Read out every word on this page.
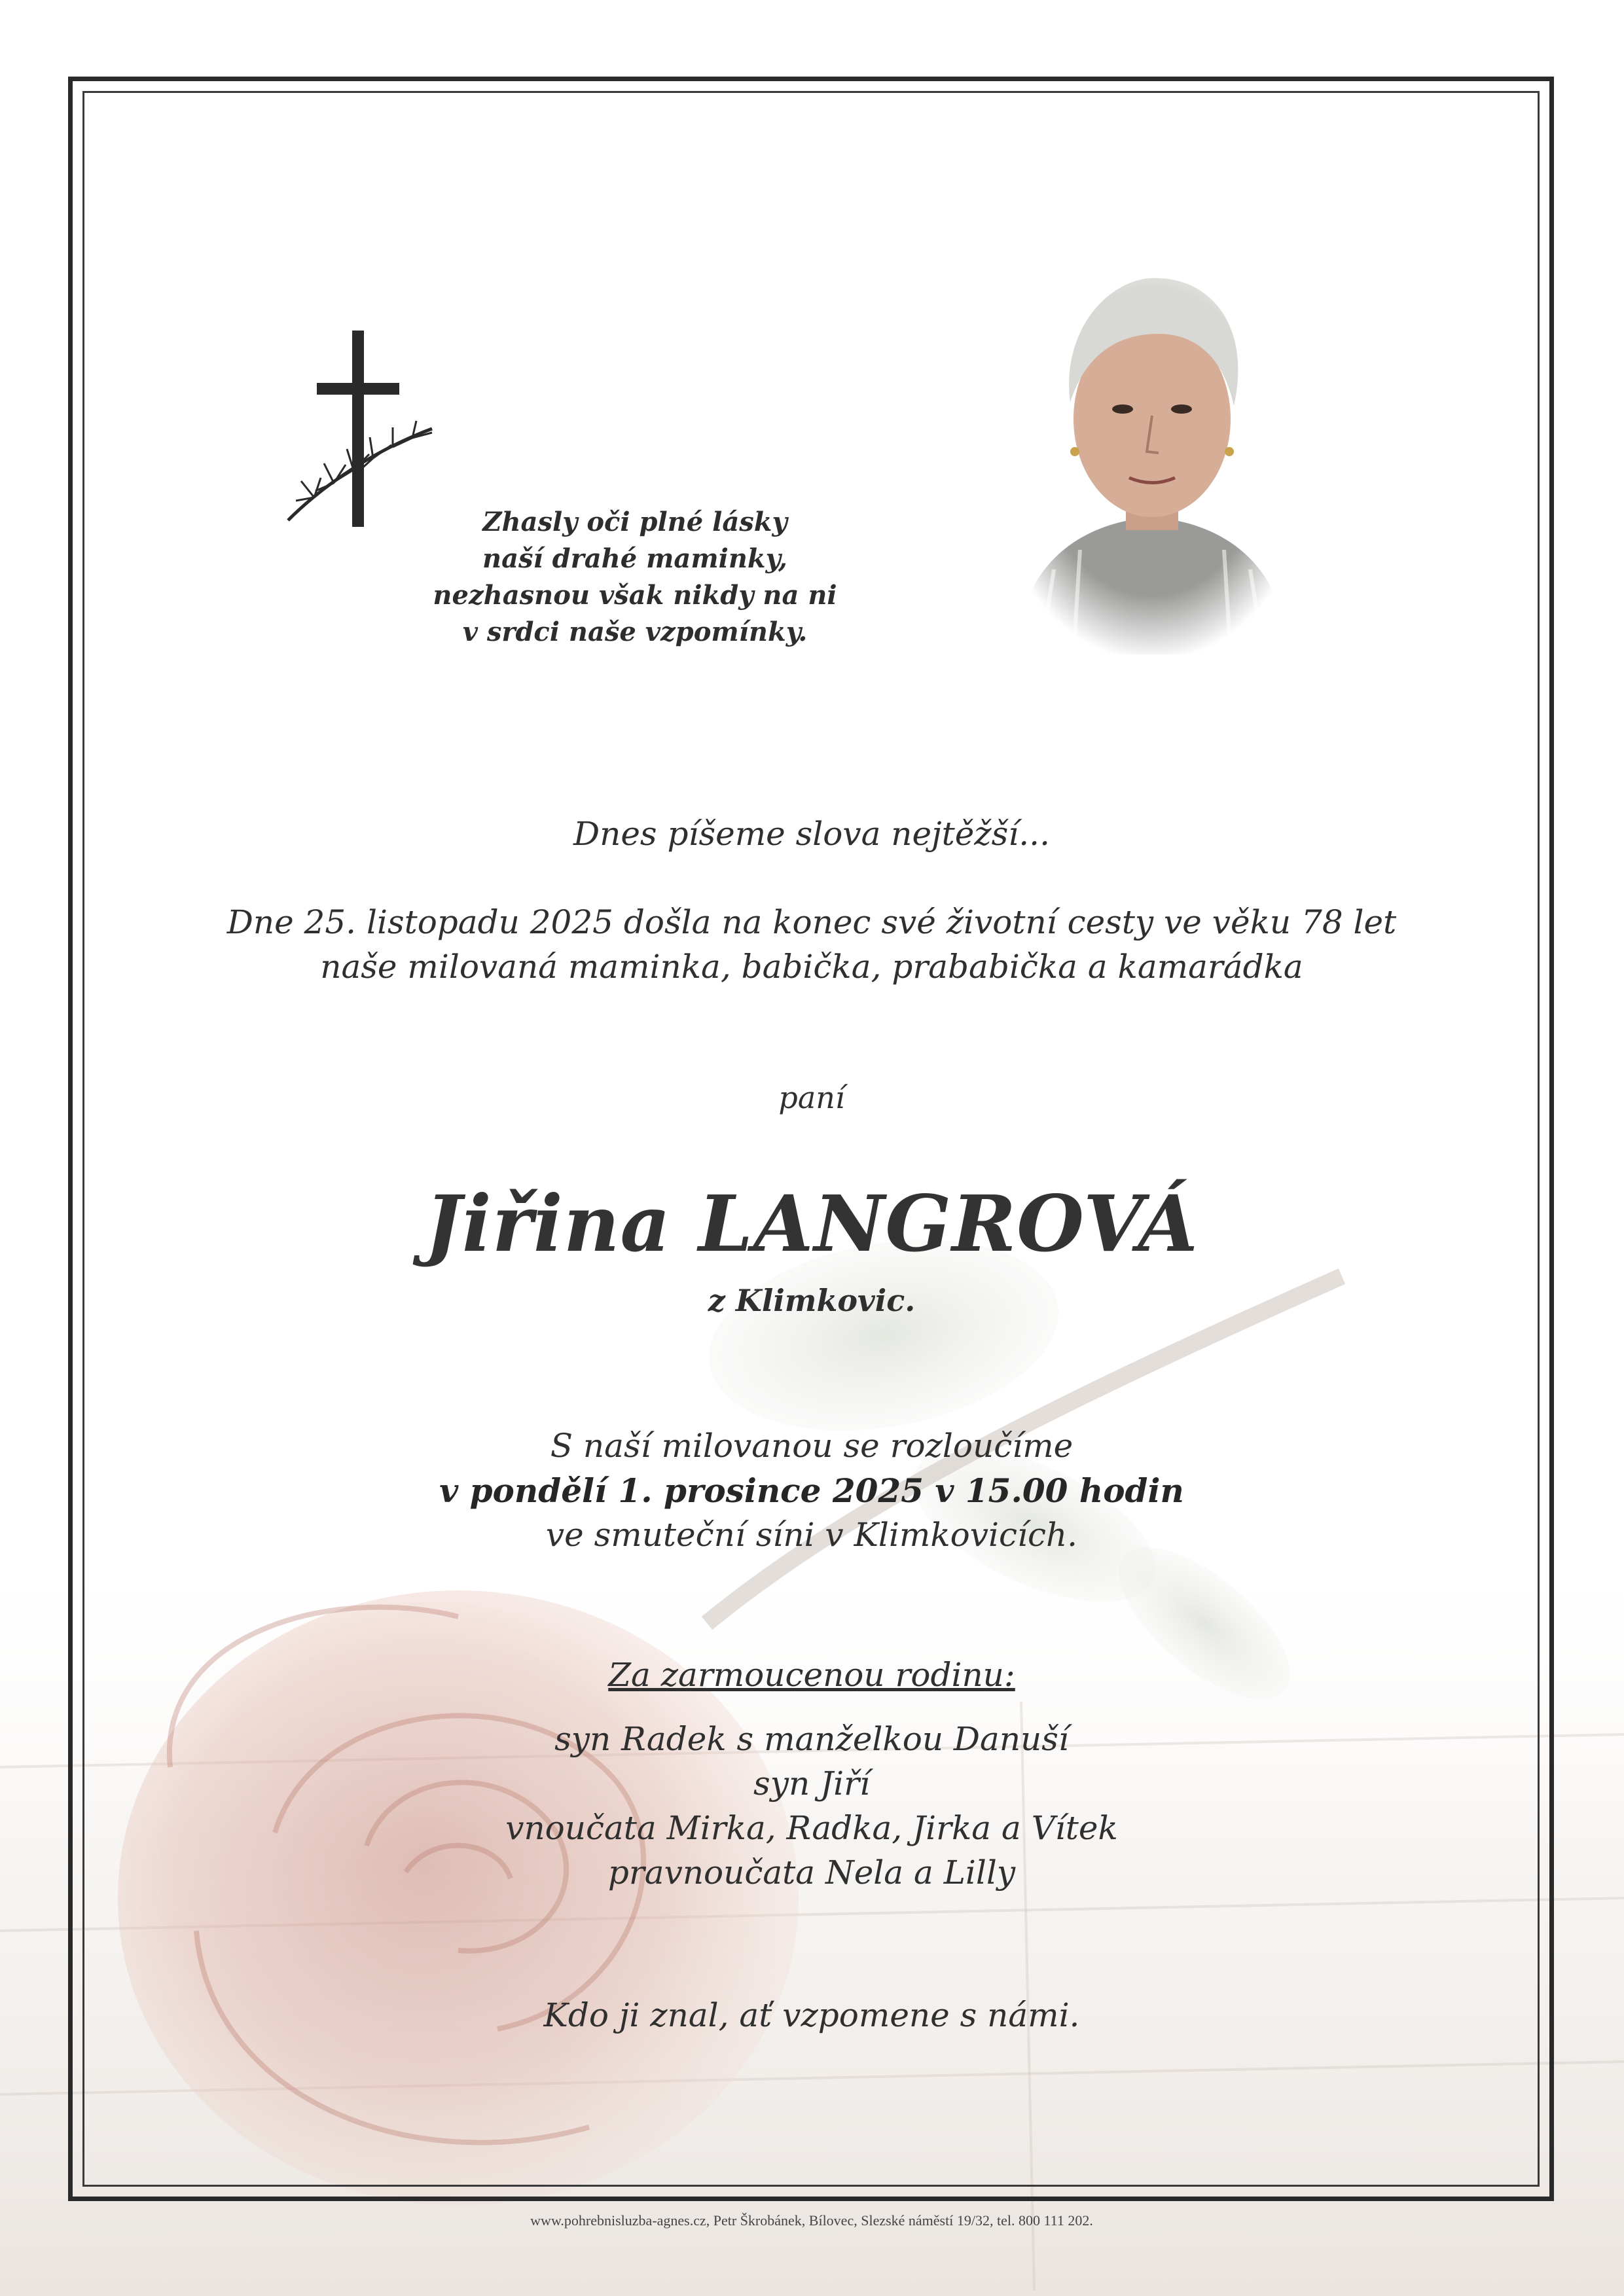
Zhasly oči plné lásky
naší drahé maminky,
nezhasnou však nikdy na ni
v srdci naše vzpomínky.
Dnes píšeme slova nejtěžší...
Dne 25. listopadu 2025 došla na konec své životní cesty ve věku 78 let
naše milovaná maminka, babička, prababička a kamarádka
paní
Jiřina LANGROVÁ
z Klimkovic.
S naší milovanou se rozloučíme
v pondělí 1. prosince 2025 v 15.00 hodin
ve smuteční síni v Klimkovicích.
Za zarmoucenou rodinu:
syn Radek s manželkou Danuší
syn Jiří
vnoučata Mirka, Radka, Jirka a Vítek
pravnoučata Nela a Lilly
Kdo ji znal, ať vzpomene s námi.
www.pohrebnisluzba-agnes.cz, Petr Škrobánek, Bílovec, Slezské náměstí 19/32, tel. 800 111 202.
